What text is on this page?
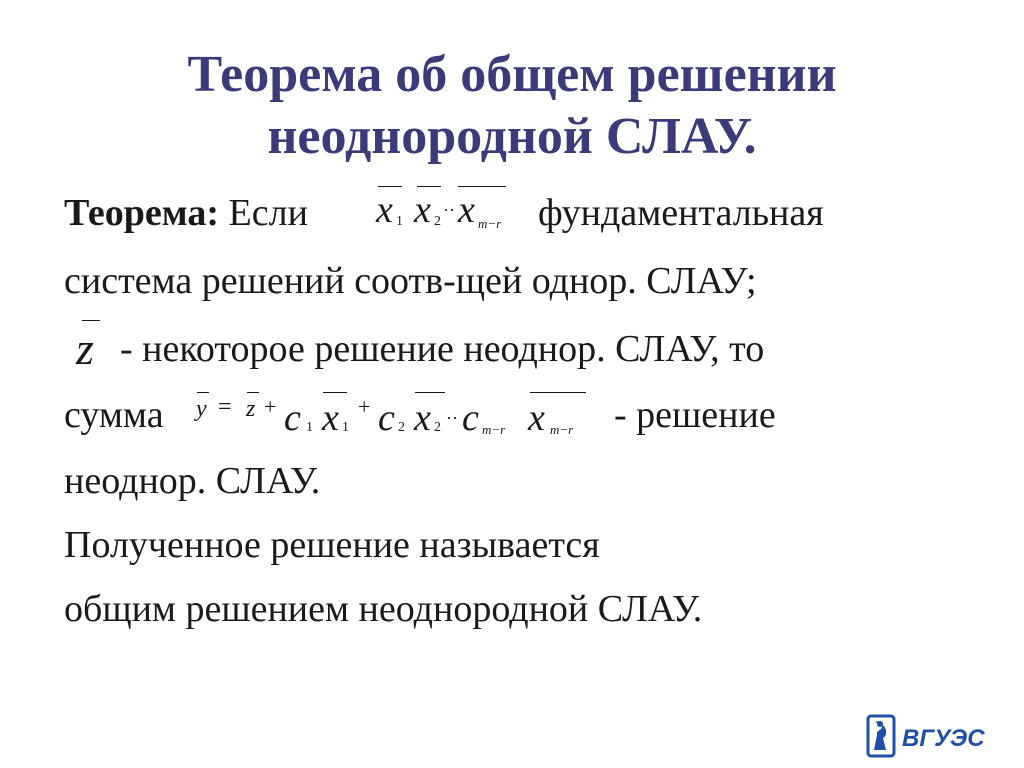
Теорема об общем решении
неоднородной СЛАУ.
Теорема: Если x 1 x 2
·· x m−r фундаментальная
система решений соотв-щей однор. СЛАУ;
z - некоторое решение неоднор. СЛАУ, то
сумма y = z + c 1 x 1
+ c 2 x 2 ·· c m−r x m−r - решение
неоднор. СЛАУ.
Полученное решение называется
общим решением неоднородной СЛАУ.
ВГУЭС
